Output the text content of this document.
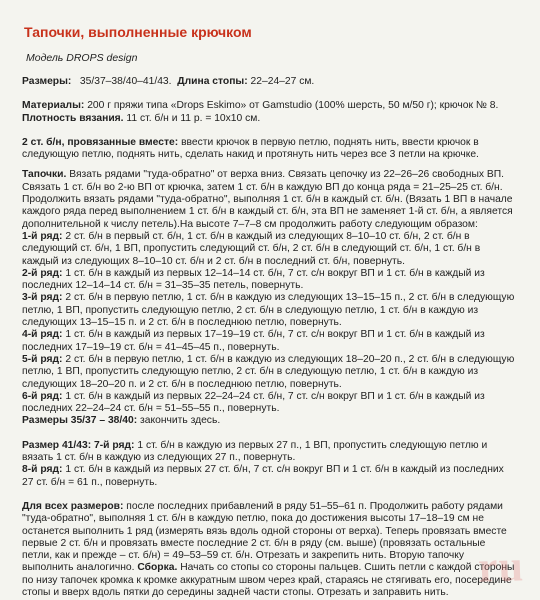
Тапочки, выполненные крючком
Модель DROPS design

Размеры: 35/37–38/40–41/43. Длина стопы: 22–24–27 см.

Материалы: 200 г пряжи типа «Drops Eskimo» от Gamstudio (100% шерсть, 50 м/50 г); крючок № 8.
Плотность вязания. 11 ст. б/н и 11 р. = 10х10 см.

2 ст. б/н, провязанные вместе: ввести крючок в первую петлю, поднять нить, ввести крючок в следующую петлю, поднять нить, сделать накид и протянуть нить через все 3 петли на крючке.

Тапочки. Вязать рядами "туда-обратно" от верха вниз. Связать цепочку из 22–26–26 свободных ВП. Связать 1 ст. б/н во 2-ю ВП от крючка, затем 1 ст. б/н в каждую ВП до конца ряда = 21–25–25 ст. б/н. Продолжить вязать рядами "туда-обратно", выполняя 1 ст. б/н в каждый ст. б/н. (Вязать 1 ВП в начале каждого ряда перед выполнением 1 ст. б/н в каждый ст. б/н, эта ВП не заменяет 1-й ст. б/н, а является дополнительной к числу петель).На высоте 7–7–8 см продолжить работу следующим образом:
1-й ряд: 2 ст. б/н в первый ст. б/н, 1 ст. б/н в каждый из следующих 8–10–10 ст. б/н, 2 ст. б/н в следующий ст. б/н, 1 ВП, пропустить следующий ст. б/н, 2 ст. б/н в следующий ст. б/н, 1 ст. б/н в каждый из следующих 8–10–10 ст. б/н и 2 ст. б/н в последний ст. б/н, повернуть.
2-й ряд: 1 ст. б/н в каждый из первых 12–14–14 ст. б/н, 7 ст. с/н вокруг ВП и 1 ст. б/н в каждый из последних 12–14–14 ст. б/н = 31–35–35 петель, повернуть.
3-й ряд: 2 ст. б/н в первую петлю, 1 ст. б/н в каждую из следующих 13–15–15 п., 2 ст. б/н в следующую петлю, 1 ВП, пропустить следующую петлю, 2 ст. б/н в следующую петлю, 1 ст. б/н в каждую из следующих 13–15–15 п. и 2 ст. б/н в последнюю петлю, повернуть.
4-й ряд: 1 ст. б/н в каждый из первых 17–19–19 ст. б/н, 7 ст. с/н вокруг ВП и 1 ст. б/н в каждый из последних 17–19–19 ст. б/н = 41–45–45 п., повернуть.
5-й ряд: 2 ст. б/н в первую петлю, 1 ст. б/н в каждую из следующих 18–20–20 п., 2 ст. б/н в следующую петлю, 1 ВП, пропустить следующую петлю, 2 ст. б/н в следующую петлю, 1 ст. б/н в каждую из следующих 18–20–20 п. и 2 ст. б/н в последнюю петлю, повернуть.
6-й ряд: 1 ст. б/н в каждый из первых 22–24–24 ст. б/н, 7 ст. с/н вокруг ВП и 1 ст. б/н в каждый из последних 22–24–24 ст. б/н = 51–55–55 п., повернуть.
Размеры 35/37 – 38/40: закончить здесь.

Размер 41/43: 7-й ряд: 1 ст. б/н в каждую из первых 27 п., 1 ВП, пропустить следующую петлю и вязать 1 ст. б/н в каждую из следующих 27 п., повернуть.
8-й ряд: 1 ст. б/н в каждый из первых 27 ст. б/н, 7 ст. с/н вокруг ВП и 1 ст. б/н в каждый из последних 27 ст. б/н = 61 п., повернуть.

Для всех размеров: после последних прибавлений в ряду 51–55–61 п. Продолжить работу рядами "туда-обратно", выполняя 1 ст. б/н в каждую петлю, пока до достижения высоты 17–18–19 см не останется выполнить 1 ряд (измерять вязь вдоль одной стороны от верха). Теперь провязать вместе первые 2 ст. б/н и провязать вместе последние 2 ст. б/н в ряду (см. выше) (провязать остальные петли, как и прежде – ст. б/н) = 49–53–59 ст. б/н. Отрезать и закрепить нить. Вторую тапочку выполнить аналогично. Сборка. Начать со стопы со стороны пальцев. Сшить петли с каждой стороны по низу тапочек кромка к кромке аккуратным швом через край, стараясь не стягивать его, посередине стопы и вверх вдоль пятки до середины задней части стопы. Отрезать и заправить нить.

ru
